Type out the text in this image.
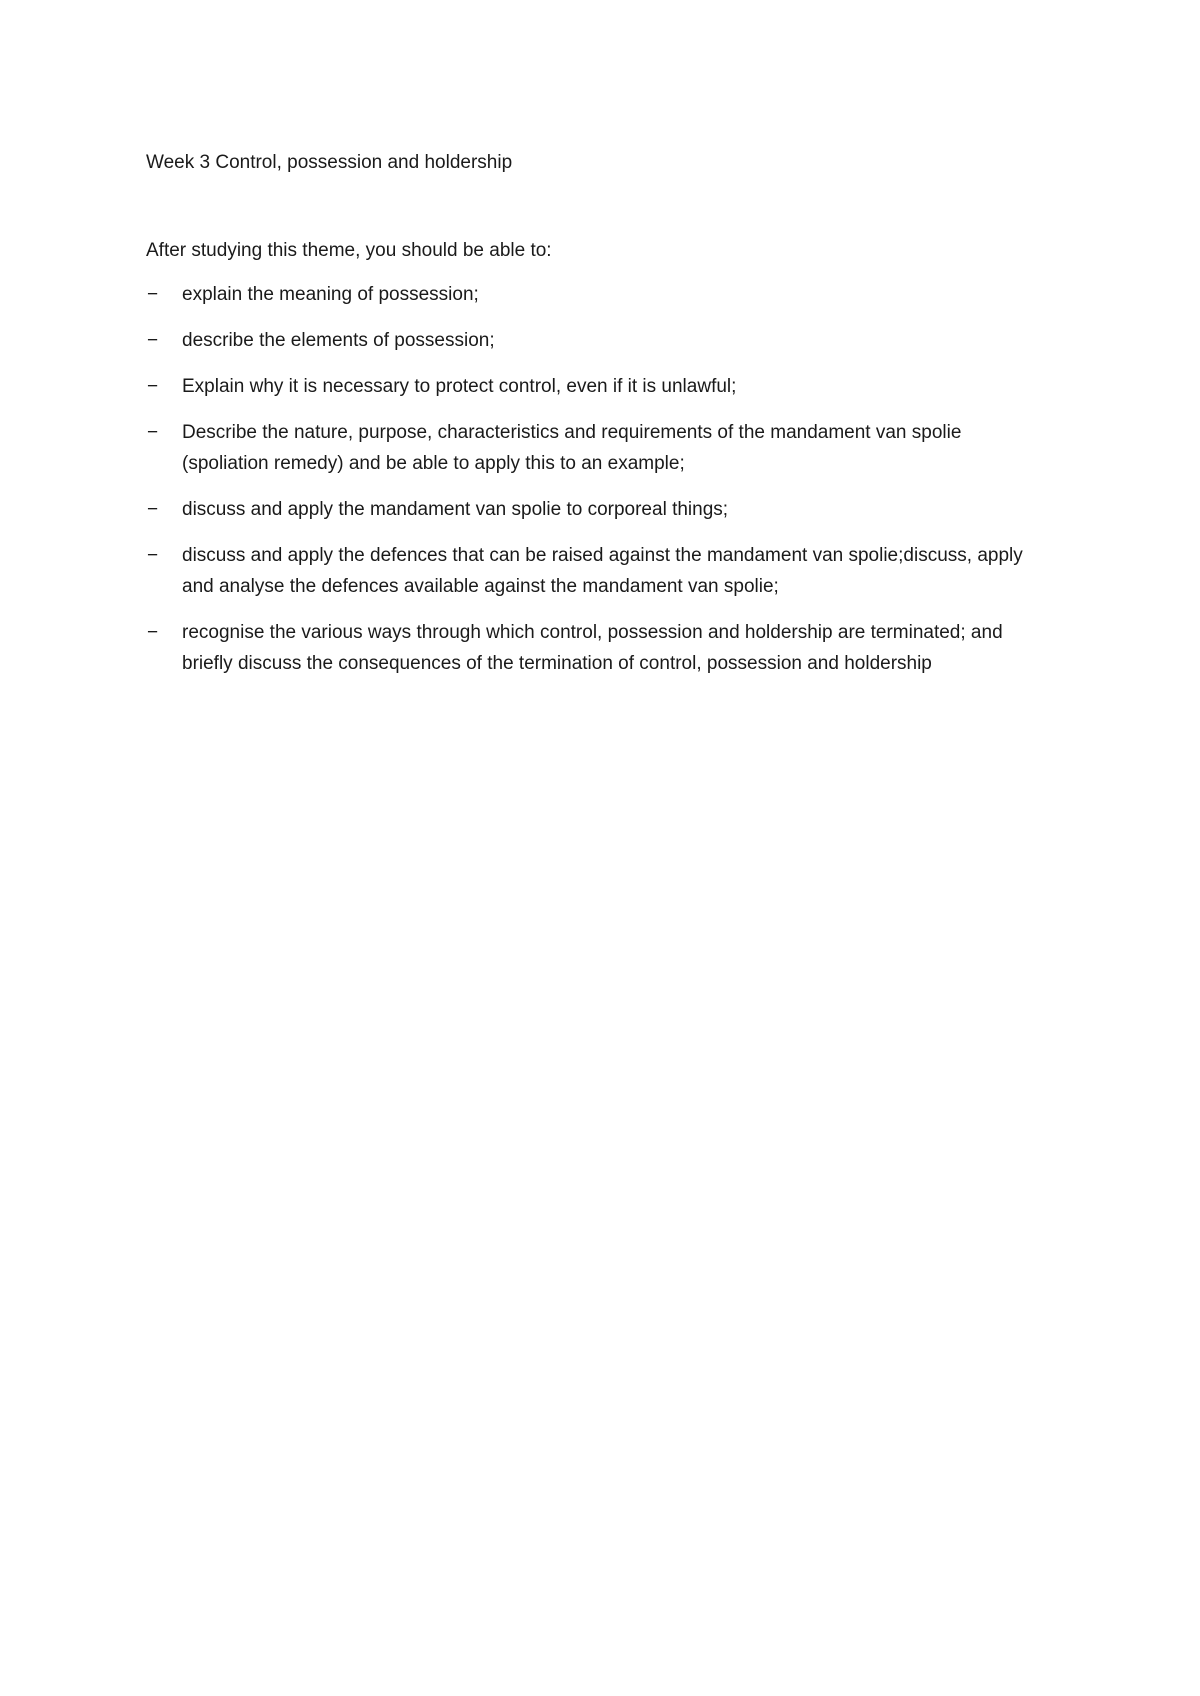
Week 3 Control, possession and holdership

After studying this theme, you should be able to:

−	explain the meaning of possession;
−	describe the elements of possession;
−	Explain why it is necessary to protect control, even if it is unlawful;
−	Describe the nature, purpose, characteristics and requirements of the mandament van spolie (spoliation remedy) and be able to apply this to an example;
−	discuss and apply the mandament van spolie to corporeal things;
−	discuss and apply the defences that can be raised against the mandament van spolie;discuss, apply and analyse the defences available against the mandament van spolie;
−	recognise the various ways through which control, possession and holdership are terminated; and briefly discuss the consequences of the termination of control, possession and holdership
